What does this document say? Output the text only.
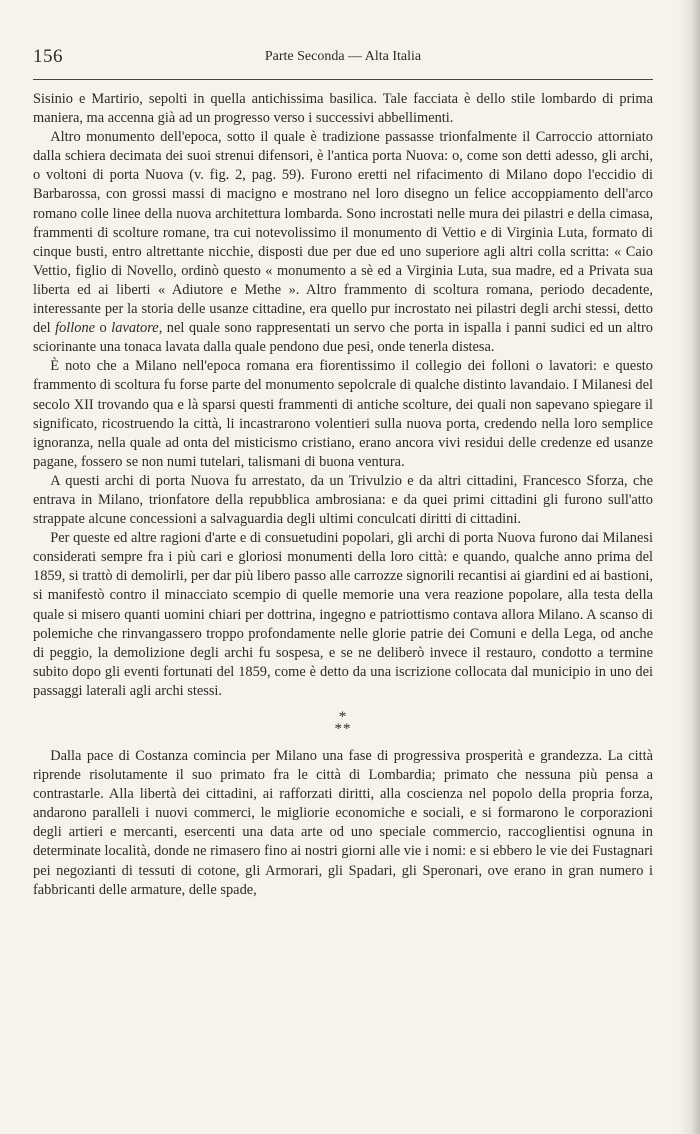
156	Parte Seconda — Alta Italia

Sisinio e Martirio, sepolti in quella antichissima basilica. Tale facciata è dello stile lombardo di prima maniera, ma accenna già ad un progresso verso i successivi abbellimenti.

Altro monumento dell'epoca, sotto il quale è tradizione passasse trionfalmente il Carroccio attorniato dalla schiera decimata dei suoi strenui difensori, è l'antica porta Nuova: o, come son detti adesso, gli archi, o voltoni di porta Nuova (v. fig. 2, pag. 59). Furono eretti nel rifacimento di Milano dopo l'eccidio di Barbarossa, con grossi massi di macigno e mostrano nel loro disegno un felice accoppiamento dell'arco romano colle linee della nuova architettura lombarda. Sono incrostati nelle mura dei pilastri e della cimasa, frammenti di scolture romane, tra cui notevolissimo il monumento di Vettio e di Virginia Luta, formato di cinque busti, entro altrettante nicchie, disposti due per due ed uno superiore agli altri colla scritta: « Caio Vettio, figlio di Novello, ordinò questo « monumento a sè ed a Virginia Luta, sua madre, ed a Privata sua liberta ed ai liberti « Adiutore e Methe ». Altro frammento di scoltura romana, periodo decadente, interessante per la storia delle usanze cittadine, era quello pur incrostato nei pilastri degli archi stessi, detto del follone o lavatore, nel quale sono rappresentati un servo che porta in ispalla i panni sudici ed un altro sciorinante una tonaca lavata dalla quale pendono due pesi, onde tenerla distesa.

È noto che a Milano nell'epoca romana era fiorentissimo il collegio dei folloni o lavatori: e questo frammento di scoltura fu forse parte del monumento sepolcrale di qualche distinto lavandaio. I Milanesi del secolo XII trovando qua e là sparsi questi frammenti di antiche scolture, dei quali non sapevano spiegare il significato, ricostruendo la città, li incastrarono volentieri sulla nuova porta, credendo nella loro semplice ignoranza, nella quale ad onta del misticismo cristiano, erano ancora vivi residui delle credenze ed usanze pagane, fossero se non numi tutelari, talismani di buona ventura.

A questi archi di porta Nuova fu arrestato, da un Trivulzio e da altri cittadini, Francesco Sforza, che entrava in Milano, trionfatore della repubblica ambrosiana: e da quei primi cittadini gli furono sull'atto strappate alcune concessioni a salvaguardia degli ultimi conculcati diritti di cittadini.

Per queste ed altre ragioni d'arte e di consuetudini popolari, gli archi di porta Nuova furono dai Milanesi considerati sempre fra i più cari e gloriosi monumenti della loro città: e quando, qualche anno prima del 1859, si trattò di demolirli, per dar più libero passo alle carrozze signorili recantisi ai giardini ed ai bastioni, si manifestò contro il minacciato scempio di quelle memorie una vera reazione popolare, alla testa della quale si misero quanti uomini chiari per dottrina, ingegno e patriottismo contava allora Milano. A scanso di polemiche che rinvangassero troppo profondamente nelle glorie patrie dei Comuni e della Lega, od anche di peggio, la demolizione degli archi fu sospesa, e se ne deliberò invece il restauro, condotto a termine subito dopo gli eventi fortunati del 1859, come è detto da una iscrizione collocata dal municipio in uno dei passaggi laterali agli archi stessi.

*
**

Dalla pace di Costanza comincia per Milano una fase di progressiva prosperità e grandezza. La città riprende risolutamente il suo primato fra le città di Lombardia; primato che nessuna più pensa a contrastarle. Alla libertà dei cittadini, ai rafforzati diritti, alla coscienza nel popolo della propria forza, andarono paralleli i nuovi commerci, le migliorie economiche e sociali, e si formarono le corporazioni degli artieri e mercanti, esercenti una data arte od uno speciale commercio, raccoglientisi ognuna in determinate località, donde ne rimasero fino ai nostri giorni alle vie i nomi: e si ebbero le vie dei Fustagnari pei negozianti di tessuti di cotone, gli Armorari, gli Spadari, gli Speronari, ove erano in gran numero i fabbricanti delle armature, delle spade,
